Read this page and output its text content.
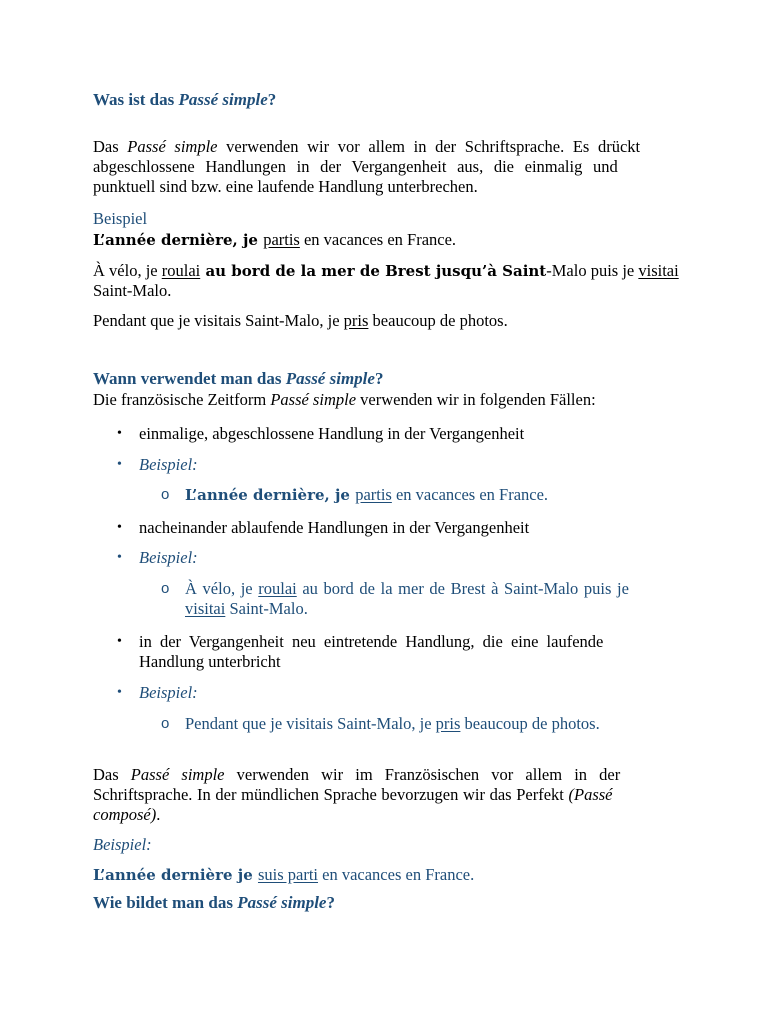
Was ist das Passé simple?
Das Passé simple verwenden wir vor allem in der Schriftsprache. Es drückt
abgeschlossene Handlungen in der Vergangenheit aus, die einmalig und
punktuell sind bzw. eine laufende Handlung unterbrechen.
Beispiel
L’année dernière, je partis en vacances en France.
À vélo, je roulai au bord de la mer de Brest jusqu’à Saint-Malo puis je visitai
Saint-Malo.
Pendant que je visitais Saint-Malo, je pris beaucoup de photos.
Wann verwendet man das Passé simple?
Die französische Zeitform Passé simple verwenden wir in folgenden Fällen:
• einmalige, abgeschlossene Handlung in der Vergangenheit
• Beispiel:
o L’année dernière, je partis en vacances en France.
• nacheinander ablaufende Handlungen in der Vergangenheit
• Beispiel:
o À vélo, je roulai au bord de la mer de Brest à Saint-Malo puis je
visitai Saint-Malo.
• in der Vergangenheit neu eintretende Handlung, die eine laufende
Handlung unterbricht
• Beispiel:
o Pendant que je visitais Saint-Malo, je pris beaucoup de photos.
Das Passé simple verwenden wir im Französischen vor allem in der
Schriftsprache. In der mündlichen Sprache bevorzugen wir das Perfekt (Passé
composé).
Beispiel:
L’année dernière je suis parti en vacances en France.
Wie bildet man das Passé simple?
